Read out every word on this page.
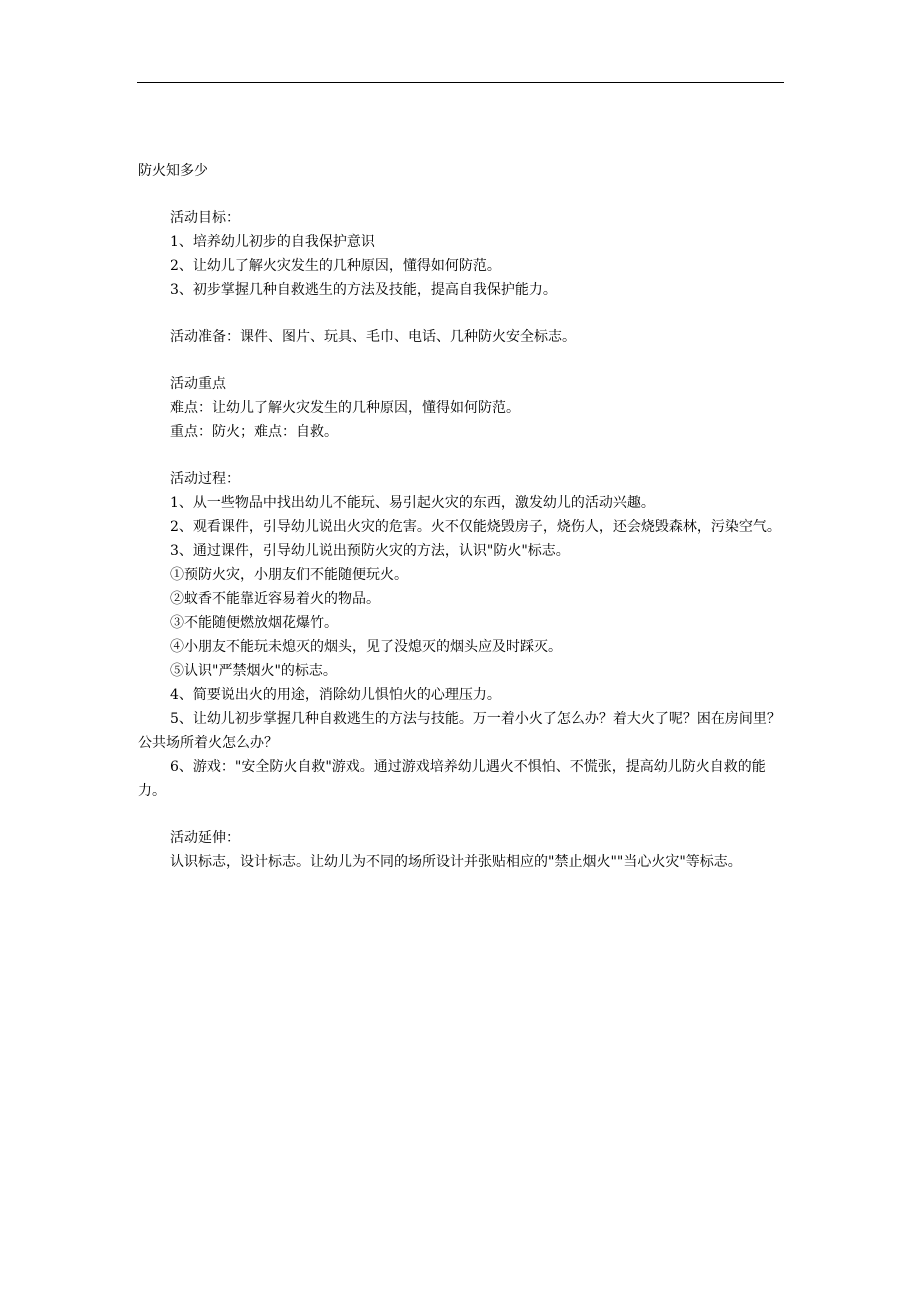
防火知多少

活动目标：

1、培养幼儿初步的自我保护意识

2、让幼儿了解火灾发生的几种原因，懂得如何防范。

3、初步掌握几种自救逃生的方法及技能，提高自我保护能力。

活动准备：课件、图片、玩具、毛巾、电话、几种防火安全标志。

活动重点

难点：让幼儿了解火灾发生的几种原因，懂得如何防范。

重点：防火；难点：自救。

活动过程：

1、从一些物品中找出幼儿不能玩、易引起火灾的东西，激发幼儿的活动兴趣。

2、观看课件，引导幼儿说出火灾的危害。火不仅能烧毁房子，烧伤人，还会烧毁森林，污染空气。

3、通过课件，引导幼儿说出预防火灾的方法，认识"防火"标志。

①预防火灾，小朋友们不能随便玩火。

②蚊香不能靠近容易着火的物品。

③不能随便燃放烟花爆竹。

④小朋友不能玩未熄灭的烟头，见了没熄灭的烟头应及时踩灭。

⑤认识"严禁烟火"的标志。

4、简要说出火的用途，消除幼儿惧怕火的心理压力。

5、让幼儿初步掌握几种自救逃生的方法与技能。万一着小火了怎么办？着大火了呢？困在房间里？公共场所着火怎么办？

6、游戏："安全防火自救"游戏。通过游戏培养幼儿遇火不惧怕、不慌张，提高幼儿防火自救的能力。

活动延伸：

认识标志，设计标志。让幼儿为不同的场所设计并张贴相应的"禁止烟火""当心火灾"等标志。
